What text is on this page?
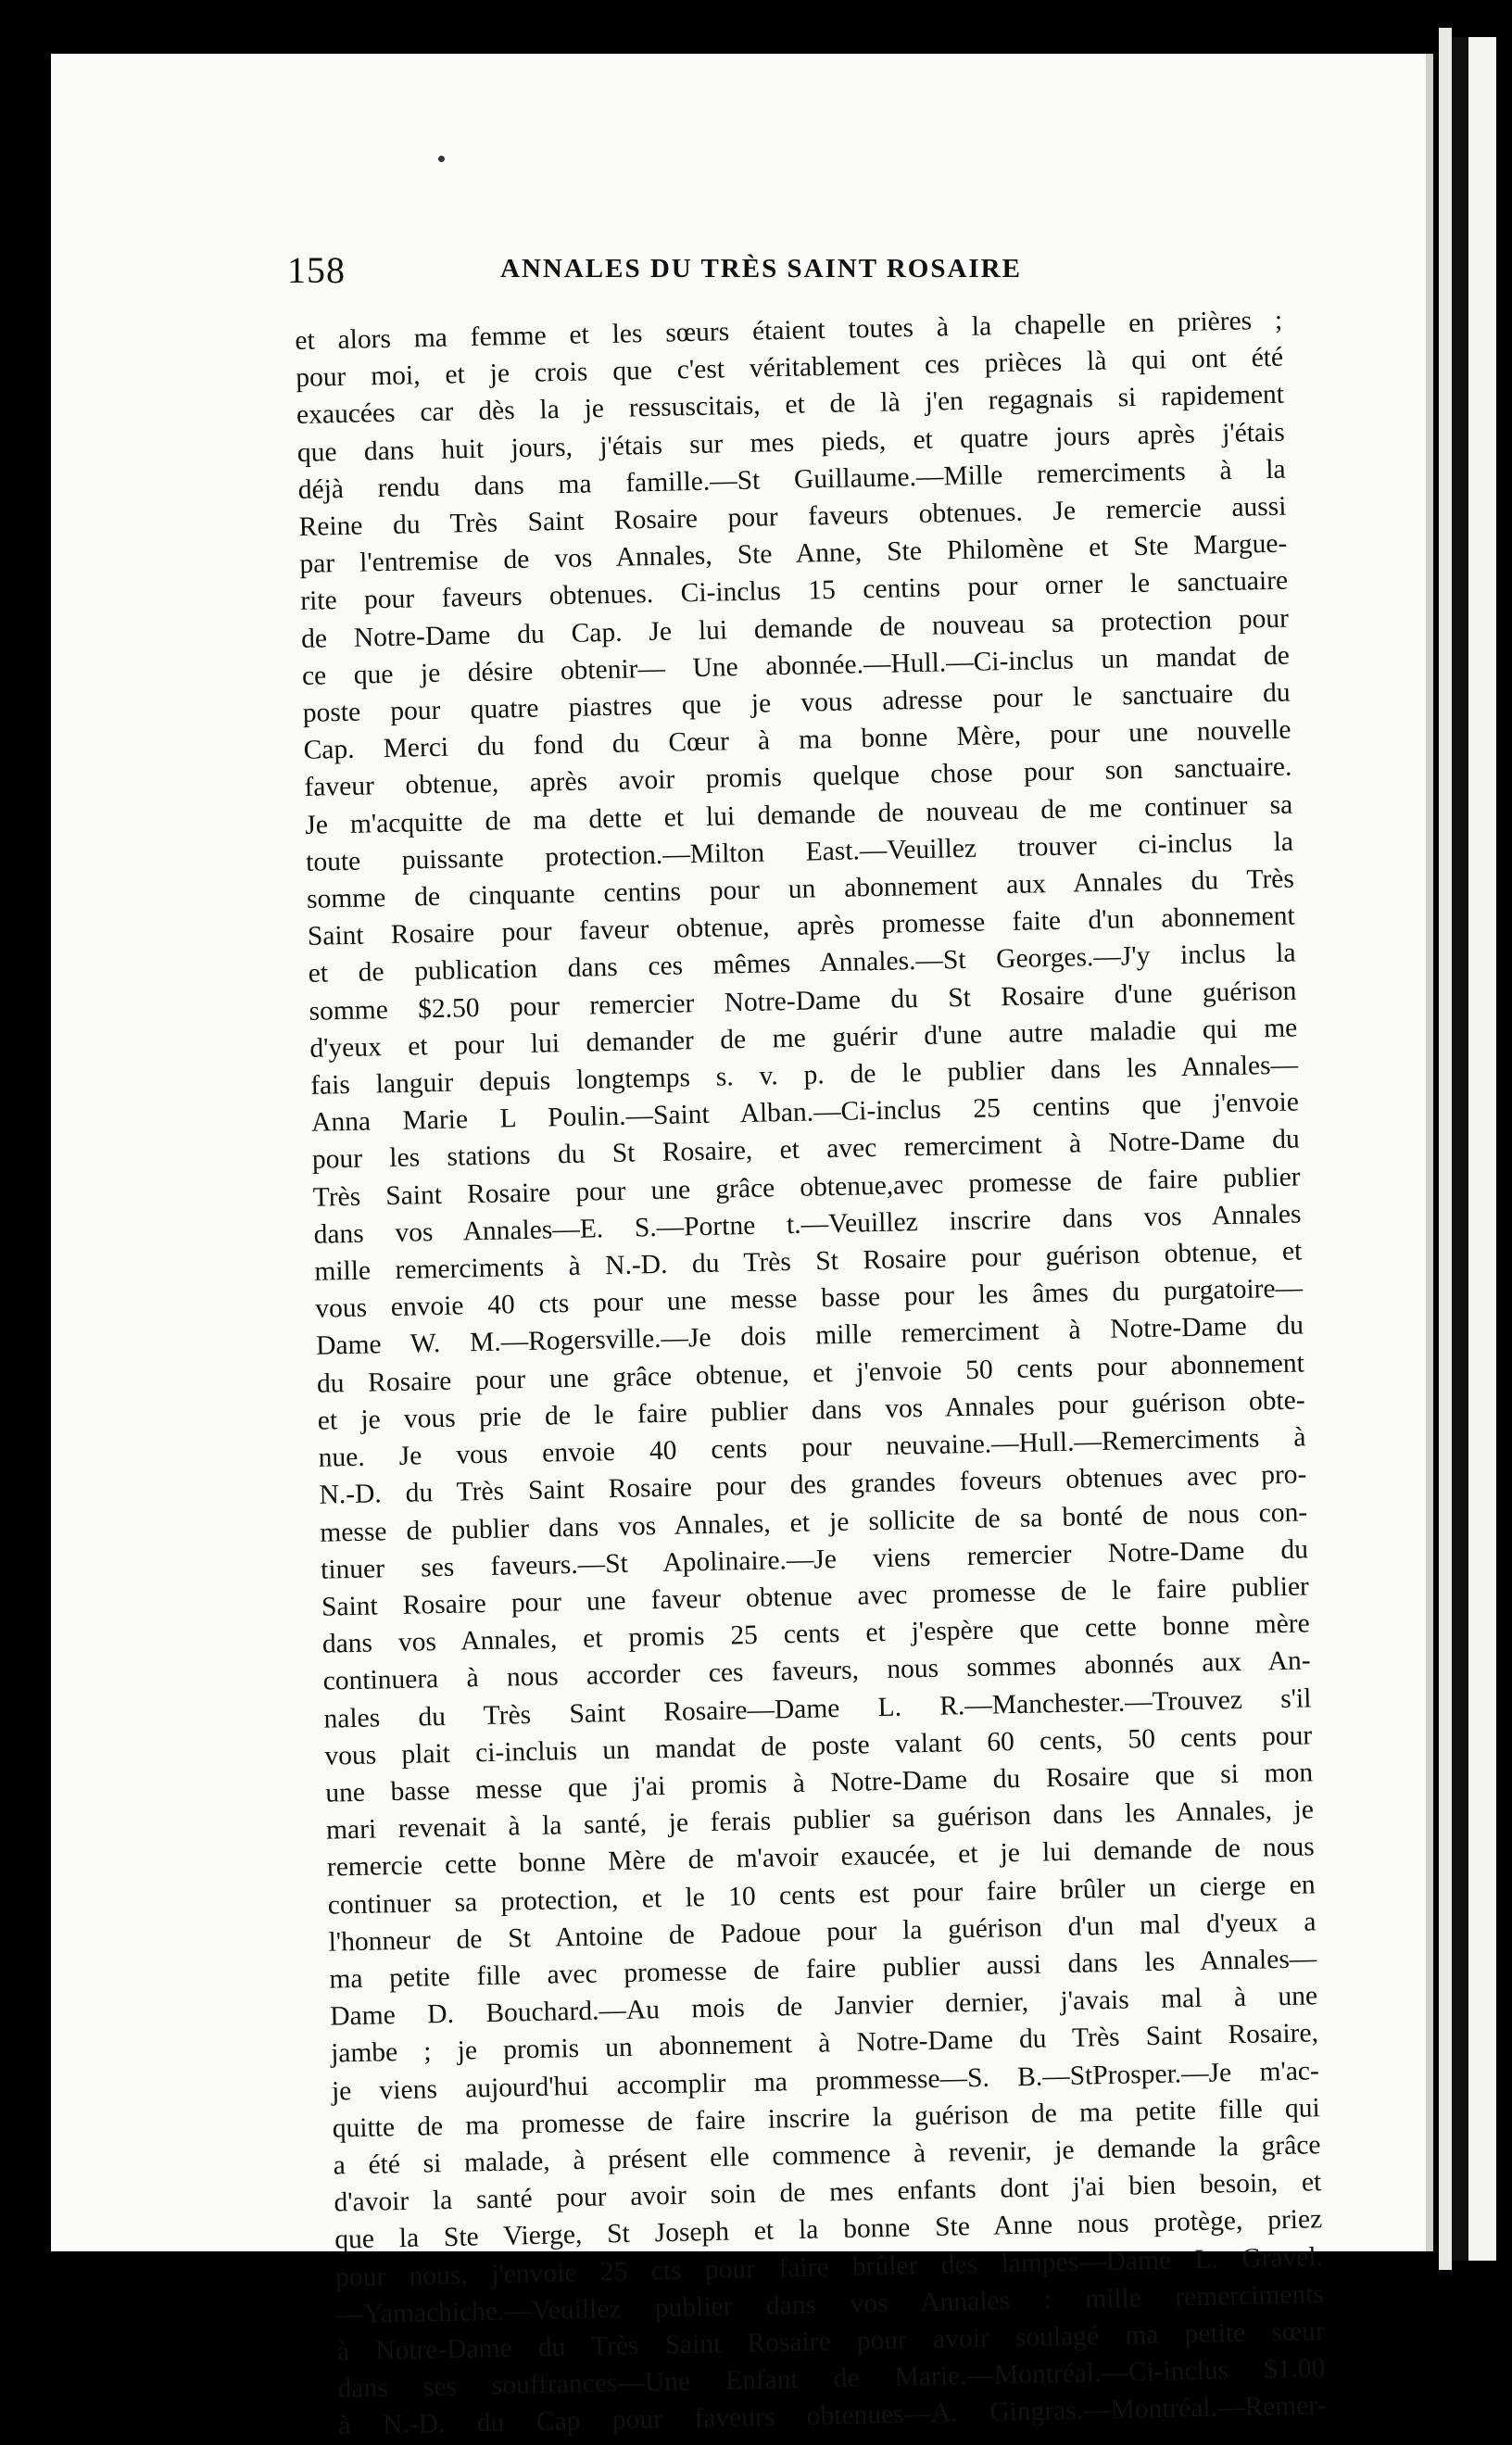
158	ANNALES DU TRÈS SAINT ROSAIRE
et alors ma femme et les sœurs étaient toutes à la chapelle en prières ;
pour moi, et je crois que c'est véritablement ces prièces là qui ont été
exaucées car dès la je ressuscitais, et de là j'en regagnais si rapidement
que dans huit jours, j'étais sur mes pieds, et quatre jours après j'étais
déjà rendu dans ma famille.—St Guillaume.—Mille remerciments à la
Reine du Très Saint Rosaire pour faveurs obtenues. Je remercie aussi
par l'entremise de vos Annales, Ste Anne, Ste Philomène et Ste Margue-
rite pour faveurs obtenues. Ci-inclus 15 centins pour orner le sanctuaire
de Notre-Dame du Cap. Je lui demande de nouveau sa protection pour
ce que je désire obtenir— Une abonnée.—Hull.—Ci-inclus un mandat de
poste pour quatre piastres que je vous adresse pour le sanctuaire du
Cap. Merci du fond du Cœur à ma bonne Mère, pour une nouvelle
faveur obtenue, après avoir promis quelque chose pour son sanctuaire.
Je m'acquitte de ma dette et lui demande de nouveau de me continuer sa
toute puissante protection.—Milton East.—Veuillez trouver ci-inclus la
somme de cinquante centins pour un abonnement aux Annales du Très
Saint Rosaire pour faveur obtenue, après promesse faite d'un abonnement
et de publication dans ces mêmes Annales.—St Georges.—J'y inclus la
somme $2.50 pour remercier Notre-Dame du St Rosaire d'une guérison
d'yeux et pour lui demander de me guérir d'une autre maladie qui me
fais languir depuis longtemps s. v. p. de le publier dans les Annales—
Anna Marie L Poulin.—Saint Alban.—Ci-inclus 25 centins que j'envoie
pour les stations du St Rosaire, et avec remerciment à Notre-Dame du
Très Saint Rosaire pour une grâce obtenue,avec promesse de faire publier
dans vos Annales—E. S.—Portne t.—Veuillez inscrire dans vos Annales
mille remerciments à N.-D. du Très St Rosaire pour guérison obtenue, et
vous envoie 40 cts pour une messe basse pour les âmes du purgatoire—
Dame W. M.—Rogersville.—Je dois mille remerciment à Notre-Dame du
du Rosaire pour une grâce obtenue, et j'envoie 50 cents pour abonnement
et je vous prie de le faire publier dans vos Annales pour guérison obte-
nue. Je vous envoie 40 cents pour neuvaine.—Hull.—Remerciments à
N.-D. du Très Saint Rosaire pour des grandes foveurs obtenues avec pro-
messe de publier dans vos Annales, et je sollicite de sa bonté de nous con-
tinuer ses faveurs.—St Apolinaire.—Je viens remercier Notre-Dame du
Saint Rosaire pour une faveur obtenue avec promesse de le faire publier
dans vos Annales, et promis 25 cents et j'espère que cette bonne mère
continuera à nous accorder ces faveurs, nous sommes abonnés aux An-
nales du Très Saint Rosaire—Dame L. R.—Manchester.—Trouvez s'il
vous plait ci-incluis un mandat de poste valant 60 cents, 50 cents pour
une basse messe que j'ai promis à Notre-Dame du Rosaire que si mon
mari revenait à la santé, je ferais publier sa guérison dans les Annales, je
remercie cette bonne Mère de m'avoir exaucée, et je lui demande de nous
continuer sa protection, et le 10 cents est pour faire brûler un cierge en
l'honneur de St Antoine de Padoue pour la guérison d'un mal d'yeux a
ma petite fille avec promesse de faire publier aussi dans les Annales—
Dame D. Bouchard.—Au mois de Janvier dernier, j'avais mal à une
jambe ; je promis un abonnement à Notre-Dame du Très Saint Rosaire,
je viens aujourd'hui accomplir ma prommesse—S. B.—StProsper.—Je m'ac-
quitte de ma promesse de faire inscrire la guérison de ma petite fille qui
a été si malade, à présent elle commence à revenir, je demande la grâce
d'avoir la santé pour avoir soin de mes enfants dont j'ai bien besoin, et
que la Ste Vierge, St Joseph et la bonne Ste Anne nous protège, priez
pour nous, j'envoie 25 cts pour faire brûler des lampes—Dame L. Gravel.
—Yamachiche.—Veuillez publier dans vos Annales : mille remerciments
à Notre-Dame du Très Saint Rosaire pour avoir soulagé ma petite sœur
dans ses souffrances—Une Enfant de Marie.—Montréal.—Ci-inclus $1.00
à N.-D. du Cap pour faveurs obtenues—A. Gingras.—Montréal.—Remer-
